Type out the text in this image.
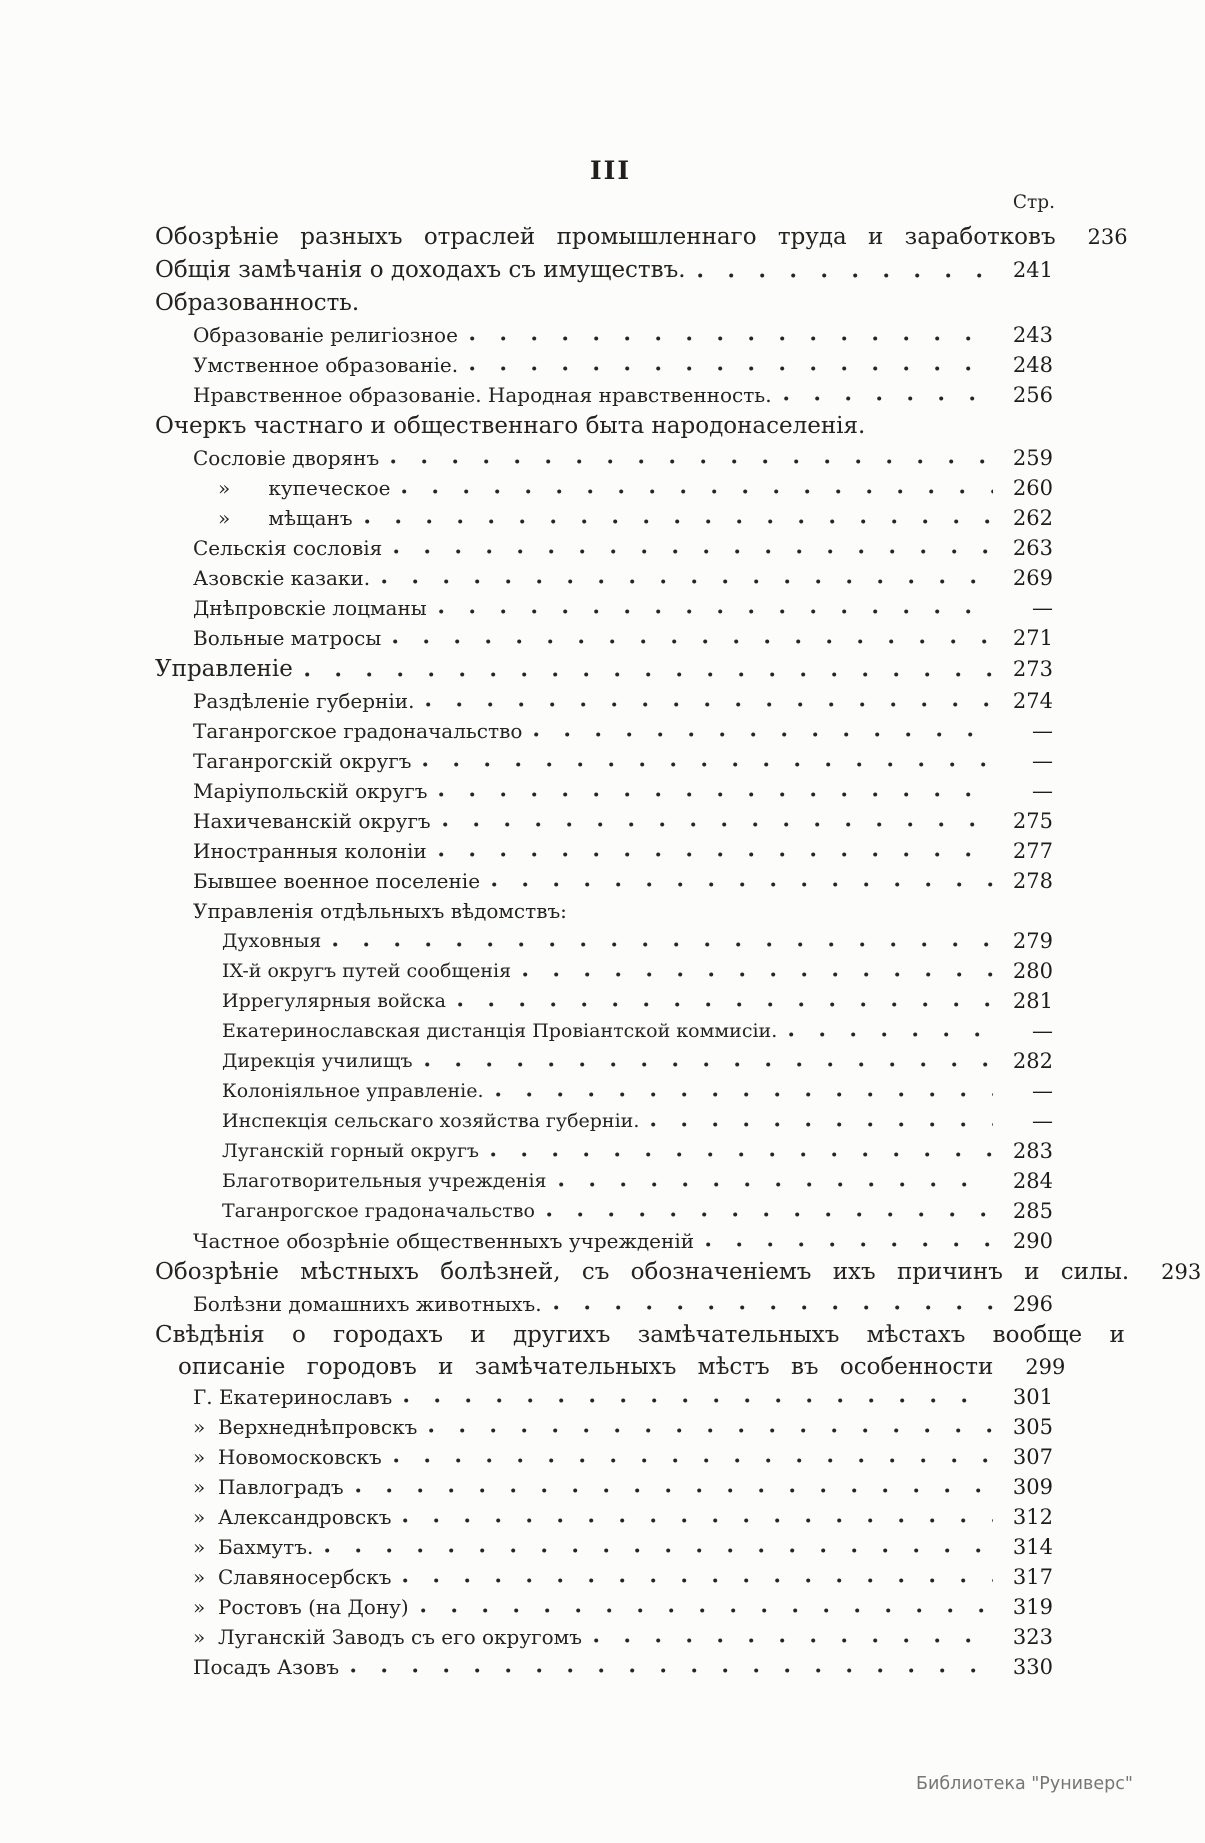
III
Стр.
Обозрѣніе разныхъ отраслей промышленнаго труда и заработковъ	236
Общія замѣчанія о доходахъ съ имуществъ.	241
Образованность.
Образованіе религіозное	243
Умственное образованіе.	248
Нравственное образованіе. Народная нравственность.	256
Очеркъ частнаго и общественнаго быта народонаселенія.
Сословіе дворянъ	259
»      купеческое	260
»      мѣщанъ	262
Сельскія сословія	263
Азовскіе казаки.	269
Днѣпровскіе лоцманы	—
Вольные матросы	271
Управленіе	273
Раздѣленіе губерніи.	274
Таганрогское градоначальство	—
Таганрогскій округъ	—
Маріупольскій округъ	—
Нахичеванскій округъ	275
Иностранныя колоніи	277
Бывшее военное поселеніе	278
Управленія отдѣльныхъ вѣдомствъ:
Духовныя	279
IX-й округъ путей сообщенія	280
Иррегулярныя войска	281
Екатеринославская дистанція Провіантской коммисіи.	—
Дирекція училищъ	282
Колоніяльное управленіе.	—
Инспекція сельскаго хозяйства губерніи.	—
Луганскій горный округъ	283
Благотворительныя учрежденія	284
Таганрогское градоначальство	285
Частное обозрѣніе общественныхъ учрежденій	290
Обозрѣніе мѣстныхъ болѣзней, съ обозначеніемъ ихъ причинъ и силы.	293
Болѣзни домашнихъ животныхъ.	296
Свѣдѣнія о городахъ и другихъ замѣчательныхъ мѣстахъ вообще и
описаніе городовъ и замѣчательныхъ мѣстъ въ особенности	299
Г. Екатеринославъ	301
»  Верхнеднѣпровскъ	305
»  Новомосковскъ	307
»  Павлоградъ	309
»  Александровскъ	312
»  Бахмутъ.	314
»  Славяносербскъ	317
»  Ростовъ (на Дону)	319
»  Луганскій Заводъ съ его округомъ	323
Посадъ Азовъ	330
Библиотека "Руниверс"
